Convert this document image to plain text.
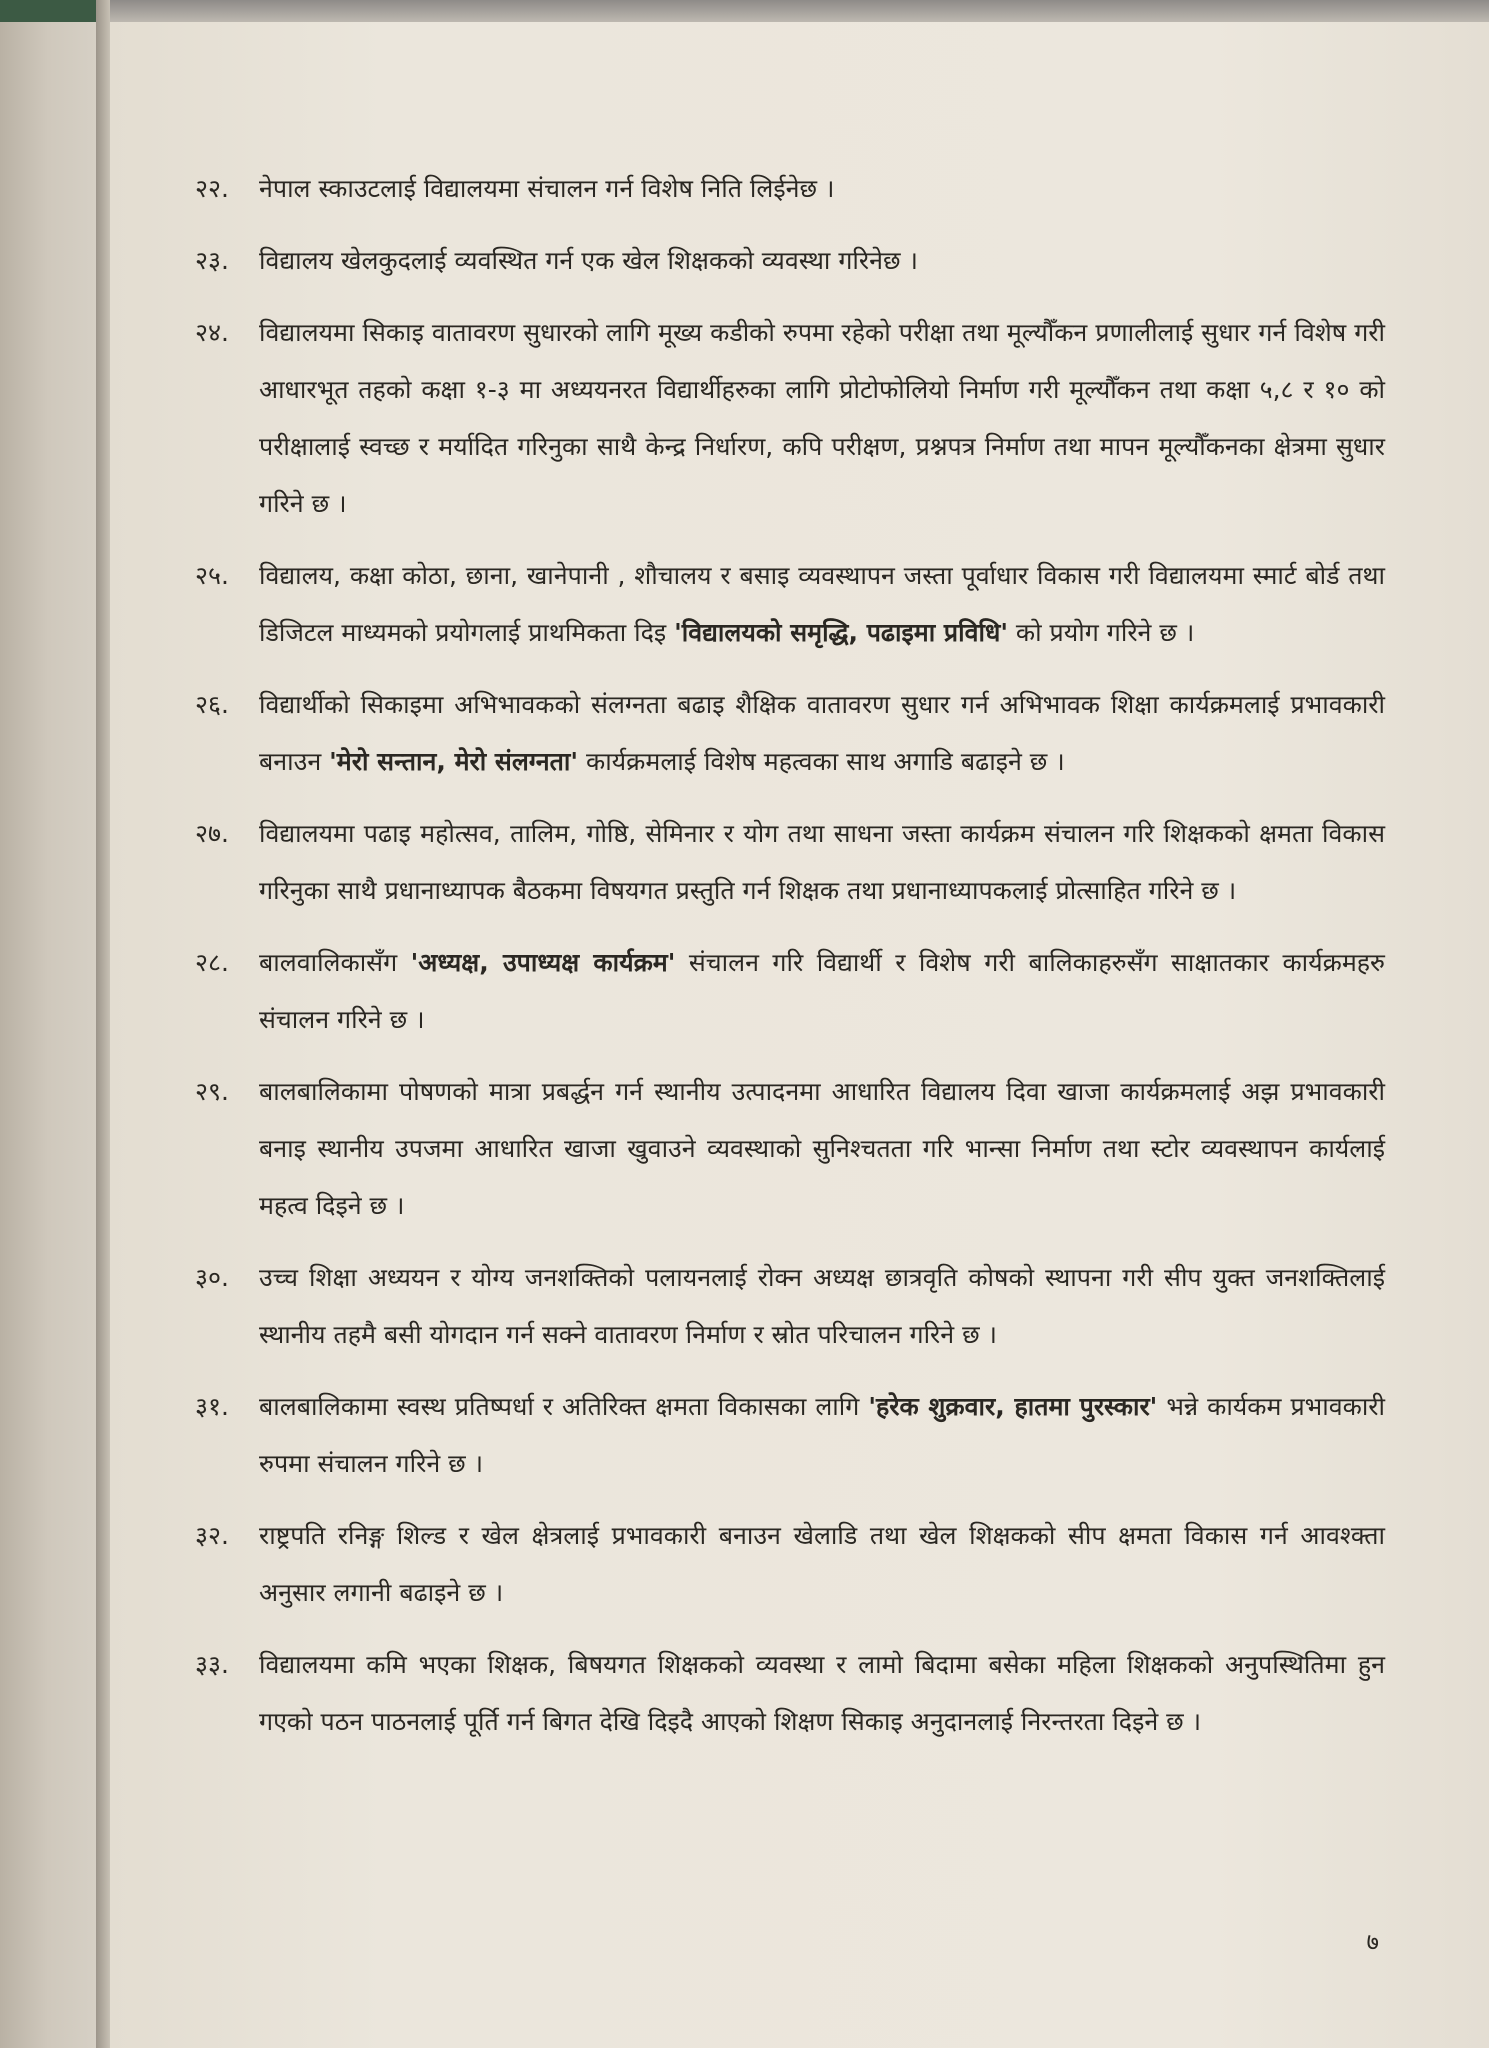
२२.	नेपाल स्काउटलाई विद्यालयमा संचालन गर्न विशेष निति लिईनेछ ।
२३.	विद्यालय खेलकुदलाई व्यवस्थित गर्न एक खेल शिक्षकको व्यवस्था गरिनेछ ।
२४.	विद्यालयमा सिकाइ वातावरण सुधारको लागि मूख्य कडीको रुपमा रहेको परीक्षा तथा मूल्यौँकन प्रणालीलाई सुधार गर्न विशेष गरी आधारभूत तहको कक्षा १-३ मा अध्ययनरत विद्यार्थीहरुका लागि प्रोटोफोलियो निर्माण गरी मूल्यौँकन तथा कक्षा ५,८ र १० को परीक्षालाई स्वच्छ र मर्यादित गरिनुका साथै केन्द्र निर्धारण, कपि परीक्षण, प्रश्नपत्र निर्माण तथा मापन मूल्यौँकनका क्षेत्रमा सुधार गरिने छ ।
२५.	विद्यालय, कक्षा कोठा, छाना, खानेपानी , शौचालय र बसाइ व्यवस्थापन जस्ता पूर्वाधार विकास गरी विद्यालयमा स्मार्ट बोर्ड तथा डिजिटल माध्यमको प्रयोगलाई प्राथमिकता दिइ 'विद्यालयको समृद्धि, पढाइमा प्रविधि' को प्रयोग गरिने छ ।
२६.	विद्यार्थीको सिकाइमा अभिभावकको संलग्नता बढाइ शैक्षिक वातावरण सुधार गर्न अभिभावक शिक्षा कार्यक्रमलाई प्रभावकारी बनाउन 'मेरो सन्तान, मेरो संलग्नता' कार्यक्रमलाई विशेष महत्वका साथ अगाडि बढाइने छ ।
२७.	विद्यालयमा पढाइ महोत्सव, तालिम, गोष्ठि, सेमिनार र योग तथा साधना जस्ता कार्यक्रम संचालन गरि शिक्षकको क्षमता विकास गरिनुका साथै प्रधानाध्यापक बैठकमा विषयगत प्रस्तुति गर्न शिक्षक तथा प्रधानाध्यापकलाई प्रोत्साहित गरिने छ ।
२८.	बालवालिकासँग 'अध्यक्ष, उपाध्यक्ष कार्यक्रम' संचालन गरि विद्यार्थी र विशेष गरी बालिकाहरुसँग साक्षातकार कार्यक्रमहरु संचालन गरिने छ ।
२९.	बालबालिकामा पोषणको मात्रा प्रबर्द्धन गर्न स्थानीय उत्पादनमा आधारित विद्यालय दिवा खाजा कार्यक्रमलाई अझ प्रभावकारी बनाइ स्थानीय उपजमा आधारित खाजा खुवाउने व्यवस्थाको सुनिश्चतता गरि भान्सा निर्माण तथा स्टोर व्यवस्थापन कार्यलाई महत्व दिइने छ ।
३०.	उच्च शिक्षा अध्ययन र योग्य जनशक्तिको पलायनलाई रोक्न अध्यक्ष छात्रवृति कोषको स्थापना गरी सीप युक्त जनशक्तिलाई स्थानीय तहमै बसी योगदान गर्न सक्ने वातावरण निर्माण र स्रोत परिचालन गरिने छ ।
३१.	बालबालिकामा स्वस्थ प्रतिष्पर्धा र अतिरिक्त क्षमता विकासका लागि 'हरेक शुक्रवार, हातमा पुरस्कार' भन्ने कार्यकम प्रभावकारी रुपमा संचालन गरिने छ ।
३२.	राष्ट्रपति रनिङ्ग शिल्ड र खेल क्षेत्रलाई प्रभावकारी बनाउन खेलाडि तथा खेल शिक्षकको सीप क्षमता विकास गर्न आवश्क्ता अनुसार लगानी बढाइने छ ।
३३.	विद्यालयमा कमि भएका शिक्षक, बिषयगत शिक्षकको व्यवस्था र लामो बिदामा बसेका महिला शिक्षकको अनुपस्थितिमा हुन गएको पठन पाठनलाई पूर्ति गर्न बिगत देखि दिइदै आएको शिक्षण सिकाइ अनुदानलाई निरन्तरता दिइने छ ।
७
